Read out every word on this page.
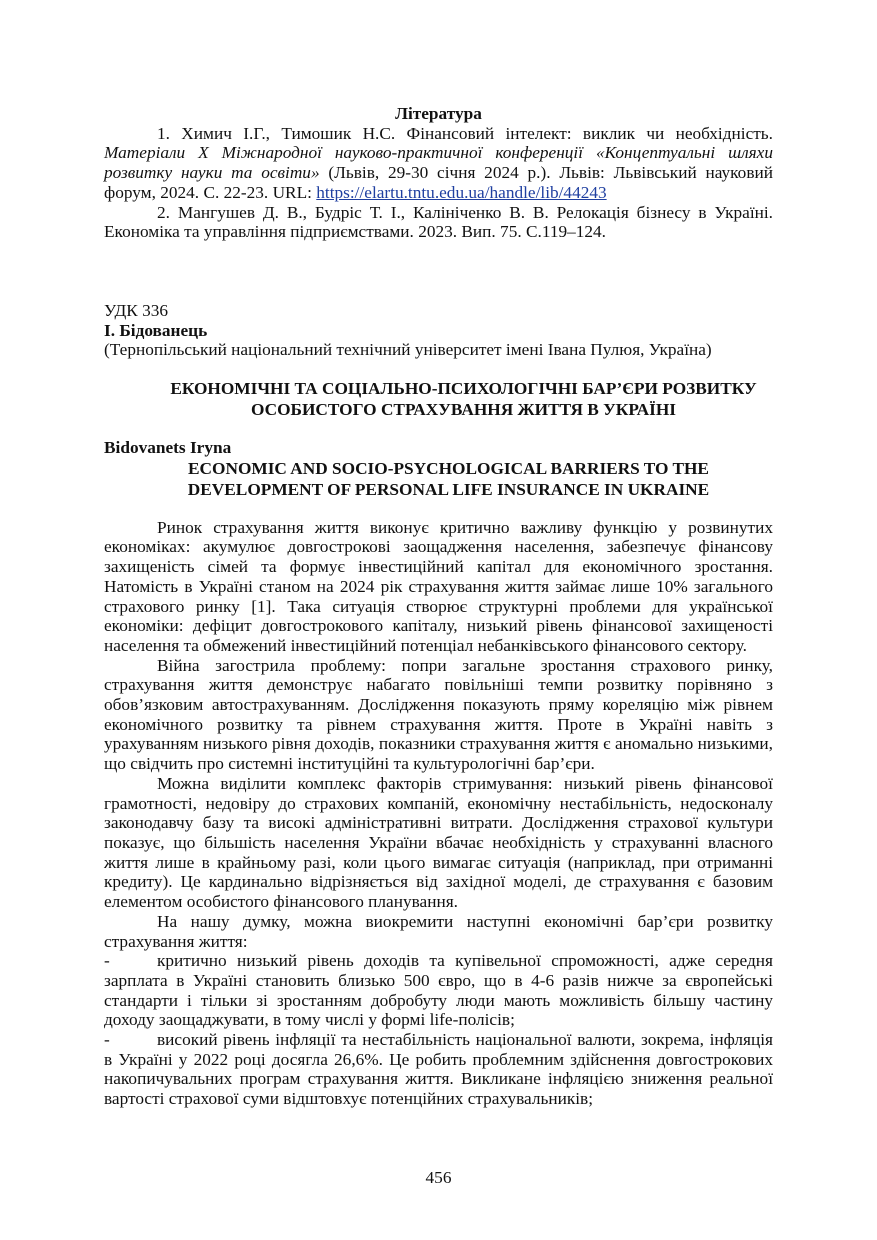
Література

1. Химич І.Г., Тимошик Н.С. Фінансовий інтелект: виклик чи необхідність. Матеріали Х Міжнародної науково-практичної конференції «Концептуальні шляхи розвитку науки та освіти» (Львів, 29-30 січня 2024 р.). Львів: Львівський науковий форум, 2024. С. 22-23. URL: https://elartu.tntu.edu.ua/handle/lib/44243

2. Мангушев Д. В., Будріс Т. І., Калініченко В. В. Релокація бізнесу в Україні. Економіка та управління підприємствами. 2023. Вип. 75. С.119–124.

УДК 336

І. Бідованець

(Тернопільський національний технічний університет імені Івана Пулюя, Україна)

ЕКОНОМІЧНІ ТА СОЦІАЛЬНО-ПСИХОЛОГІЧНІ БАР’ЄРИ РОЗВИТКУ
ОСОБИСТОГО СТРАХУВАННЯ ЖИТТЯ В УКРАЇНІ

Bidovanets Iryna

ECONOMIC AND SOCIO-PSYCHOLOGICAL BARRIERS TO THE
DEVELOPMENT OF PERSONAL LIFE INSURANCE IN UKRAINE

Ринок страхування життя виконує критично важливу функцію у розвинутих економіках: акумулює довгострокові заощадження населення, забезпечує фінансову захищеність сімей та формує інвестиційний капітал для економічного зростання. Натомість в Україні станом на 2024 рік страхування життя займає лише 10% загального страхового ринку [1]. Така ситуація створює структурні проблеми для української економіки: дефіцит довгострокового капіталу, низький рівень фінансової захищеності населення та обмежений інвестиційний потенціал небанківського фінансового сектору.

Війна загострила проблему: попри загальне зростання страхового ринку, страхування життя демонструє набагато повільніші темпи розвитку порівняно з обов’язковим автострахуванням. Дослідження показують пряму кореляцію між рівнем економічного розвитку та рівнем страхування життя. Проте в Україні навіть з урахуванням низького рівня доходів, показники страхування життя є аномально низькими, що свідчить про системні інституційні та культурологічні бар’єри.

Можна виділити комплекс факторів стримування: низький рівень фінансової грамотності, недовіру до страхових компаній, економічну нестабільність, недосконалу законодавчу базу та високі адміністративні витрати. Дослідження страхової культури показує, що більшість населення України вбачає необхідність у страхуванні власного життя лише в крайньому разі, коли цього вимагає ситуація (наприклад, при отриманні кредиту). Це кардинально відрізняється від західної моделі, де страхування є базовим елементом особистого фінансового планування.

На нашу думку, можна виокремити наступні економічні бар’єри розвитку страхування життя:

-	критично низький рівень доходів та купівельної спроможності, адже середня зарплата в Україні становить близько 500 євро, що в 4-6 разів нижче за європейські стандарти і тільки зі зростанням добробуту люди мають можливість більшу частину доходу заощаджувати, в тому числі у формі life-полісів;

-	високий рівень інфляції та нестабільність національної валюти, зокрема, інфляція в Україні у 2022 році досягла 26,6%. Це робить проблемним здійснення довгострокових накопичувальних програм страхування життя. Викликане інфляцією зниження реальної вартості страхової суми відштовхує потенційних страхувальників;

456
